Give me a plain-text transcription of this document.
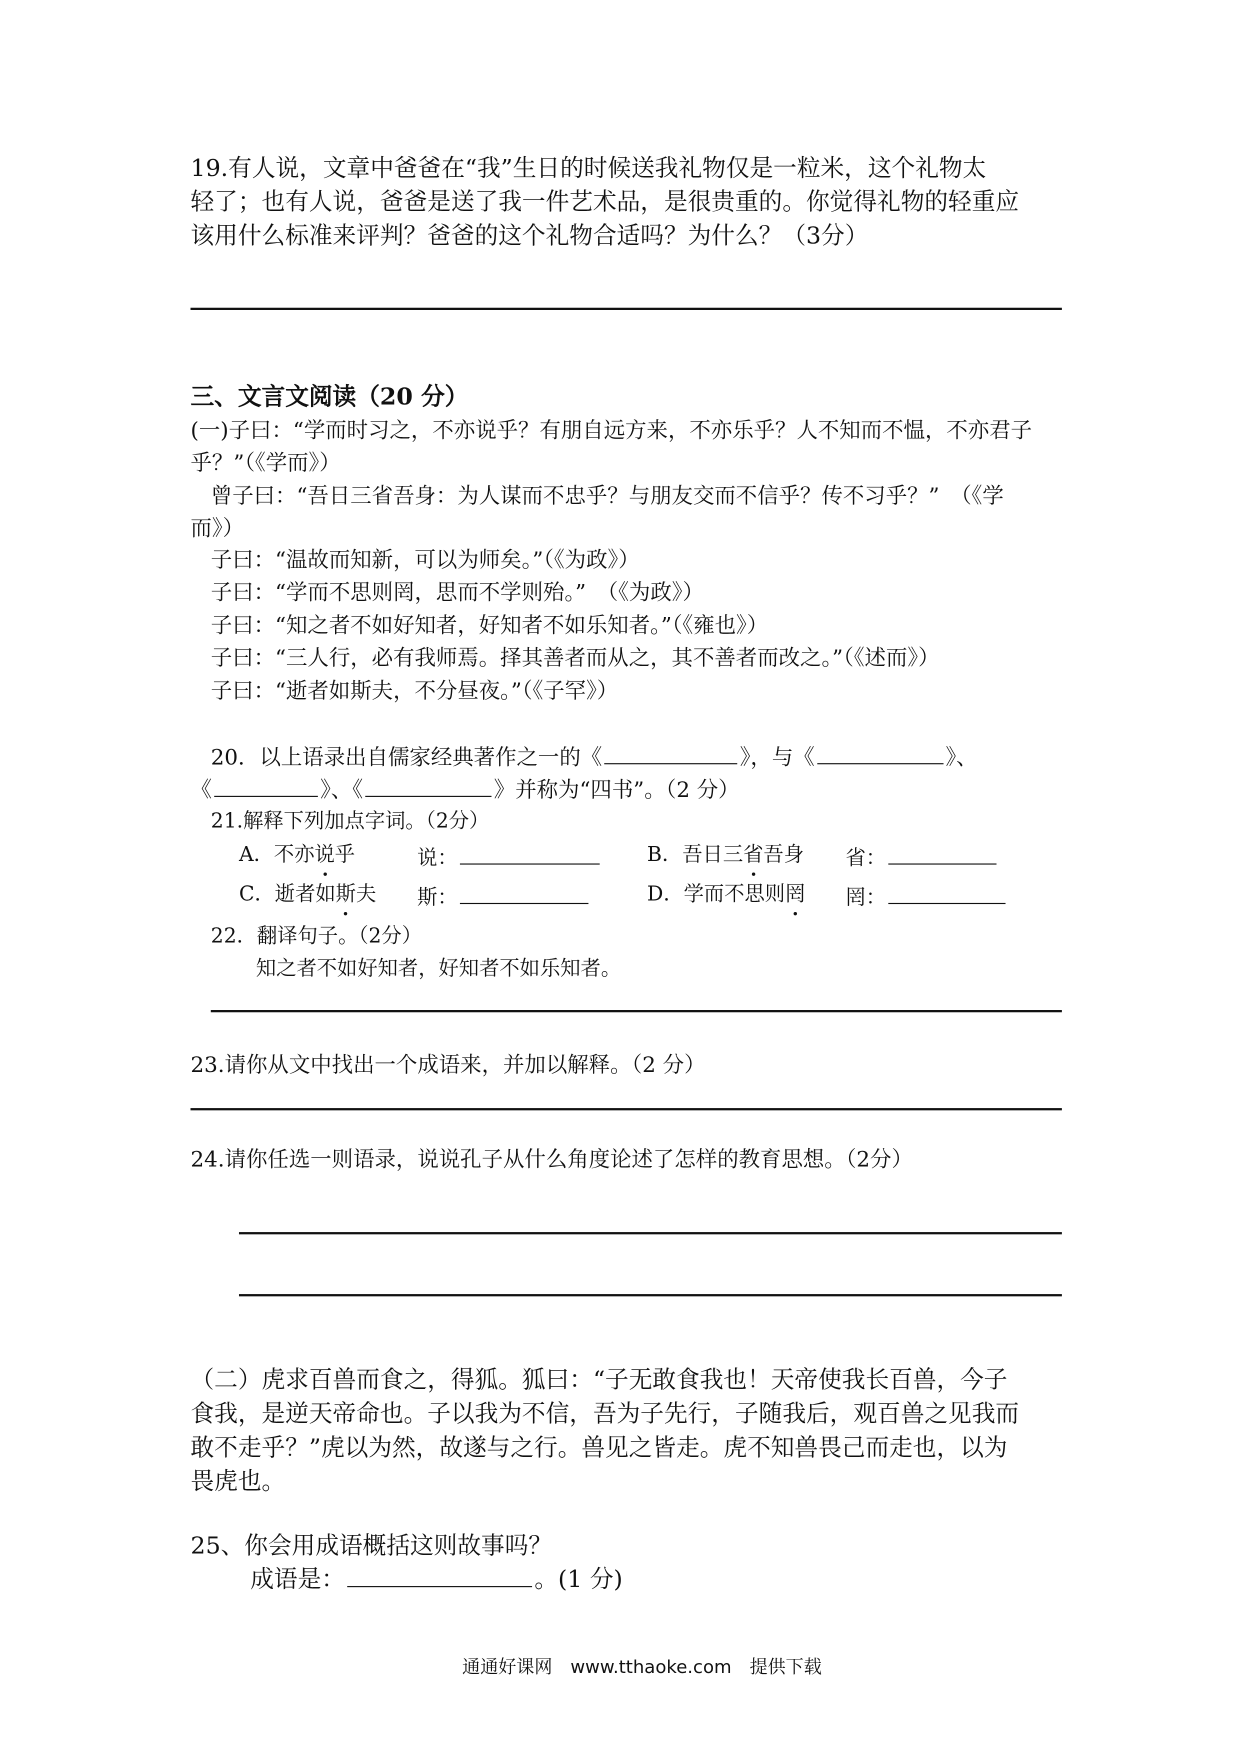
19.有人说，文章中爸爸在“我”生日的时候送我礼物仅是一粒米，这个礼物太
轻了；也有人说，爸爸是送了我一件艺术品，是很贵重的。你觉得礼物的轻重应
该用什么标准来评判？爸爸的这个礼物合适吗？为什么？（3分）
三、文言文阅读（20 分）
(一)子曰：“学而时习之，不亦说乎？有朋自远方来，不亦乐乎？人不知而不愠，不亦君子
乎？”（《学而》）
曾子曰：“吾日三省吾身：为人谋而不忠乎？与朋友交而不信乎？传不习乎？”　（《学
而》）
子曰：“温故而知新，可以为师矣。”（《为政》）
子曰：“学而不思则罔，思而不学则殆。”　（《为政》）
子曰：“知之者不如好知者，好知者不如乐知者。”（《雍也》）
子曰：“三人行，必有我师焉。择其善者而从之，其不善者而改之。”（《述而》）
子曰：“逝者如斯夫，不分昼夜。”（《子罕》）
20．以上语录出自儒家经典著作之一的《	》，与《	》、
《	》、《	》并称为“四书”。（2 分）
21.解释下列加点字词。（2分）
A．不亦说乎	说：	B．吾日三省吾身 省：
C．逝者如斯夫 斯：	D．学而不思则罔 罔：
22．翻译句子。（2分）
知之者不如好知者，好知者不如乐知者。
23.请你从文中找出一个成语来，并加以解释。（2 分）
24.请你任选一则语录，说说孔子从什么角度论述了怎样的教育思想。（2分）
（二）虎求百兽而食之，得狐。狐曰：“子无敢食我也！天帝使我长百兽，今子
食我，是逆天帝命也。子以我为不信，吾为子先行，子随我后，观百兽之见我而
敢不走乎？”虎以为然，故遂与之行。兽见之皆走。虎不知兽畏己而走也，以为
畏虎也。
25、你会用成语概括这则故事吗？
成语是：	。(1 分)
通通好课网　www.tthaoke.com　提供下载
